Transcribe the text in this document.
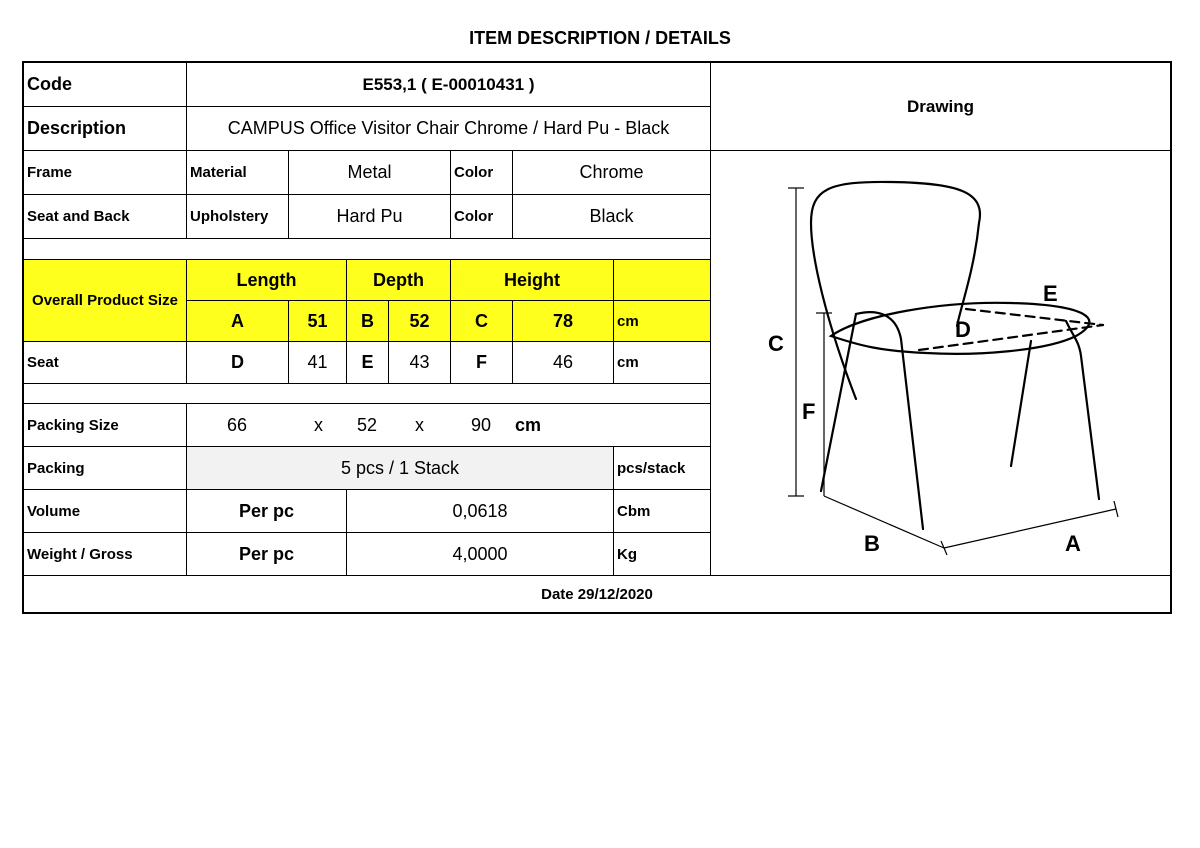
ITEM DESCRIPTION / DETAILS
Code	E553,1 ( E-00010431 )
Description	CAMPUS Office Visitor Chair Chrome / Hard Pu - Black
Drawing
Frame	Material	Metal	Color	Chrome
Seat and Back	Upholstery	Hard Pu	Color	Black
Overall Product Size
Length	Depth	Height
A	51	B	52	C	78	cm
Seat	D	41	E	43	F	46	cm
Packing Size	66	x 52 x	90 cm
Packing	5 pcs / 1 Stack	pcs/stack
Volume	Per pc	0,0618	Cbm
Weight / Gross	Per pc	4,0000	Kg
C
F
D
E
B	A
Date 29/12/2020
